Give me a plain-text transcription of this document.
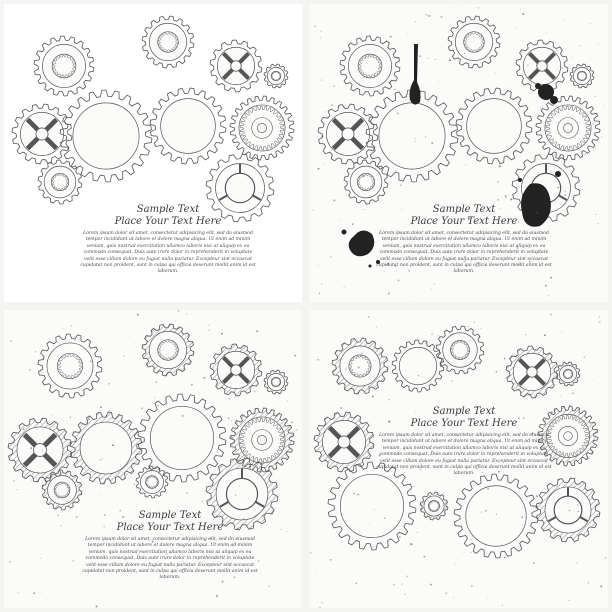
Sample Text

Place Your Text Here

Lorem ipsum dolor sit amet, consectetur adipisicing elit, sed do eiusmod tempor incididunt ut labore et dolore magna aliqua. Ut enim ad minim veniam, quis nostrud exercitation ullamco laboris nisi ut aliquip ex ea commodo consequat. Duis aute irure dolor in reprehenderit in voluptate velit esse cillum dolore eu fugiat nulla pariatur. Excepteur sint occaecat cupidatat non proident, sunt in culpa qui officia deserunt mollit anim id est laborum.

Sample Text

Place Your Text Here

Lorem ipsum dolor sit amet, consectetur adipisicing elit, sed do eiusmod tempor incididunt ut labore et dolore magna aliqua. Ut enim ad minim veniam, quis nostrud exercitation ullamco laboris nisi ut aliquip ex ea commodo consequat. Duis aute irure dolor in reprehenderit in voluptate velit esse cillum dolore eu fugiat nulla pariatur. Excepteur sint occaecat cupidatat non proident, sunt in culpa qui officia deserunt mollit anim id est laborum.

Sample Text

Place Your Text Here

Lorem ipsum dolor sit amet, consectetur adipisicing elit, sed do eiusmod tempor incididunt ut labore et dolore magna aliqua. Ut enim ad minim veniam, quis nostrud exercitation ullamco laboris nisi ut aliquip ex ea commodo consequat. Duis aute irure dolor in reprehenderit in voluptate velit esse cillum dolore eu fugiat nulla pariatur. Excepteur sint occaecat cupidatat non proident, sunt in culpa qui officia deserunt mollit anim id est laborum.

Sample Text

Place Your Text Here

Lorem ipsum dolor sit amet, consectetur adipisicing elit, sed do eiusmod tempor incididunt ut labore et dolore magna aliqua. Ut enim ad minim veniam, quis nostrud exercitation ullamco laboris nisi ut aliquip ex ea commodo consequat. Duis aute irure dolor in reprehenderit in voluptate velit esse cillum dolore eu fugiat nulla pariatur. Excepteur sint occaecat cupidatat non proident, sunt in culpa qui officia deserunt mollit anim id est laborum.
